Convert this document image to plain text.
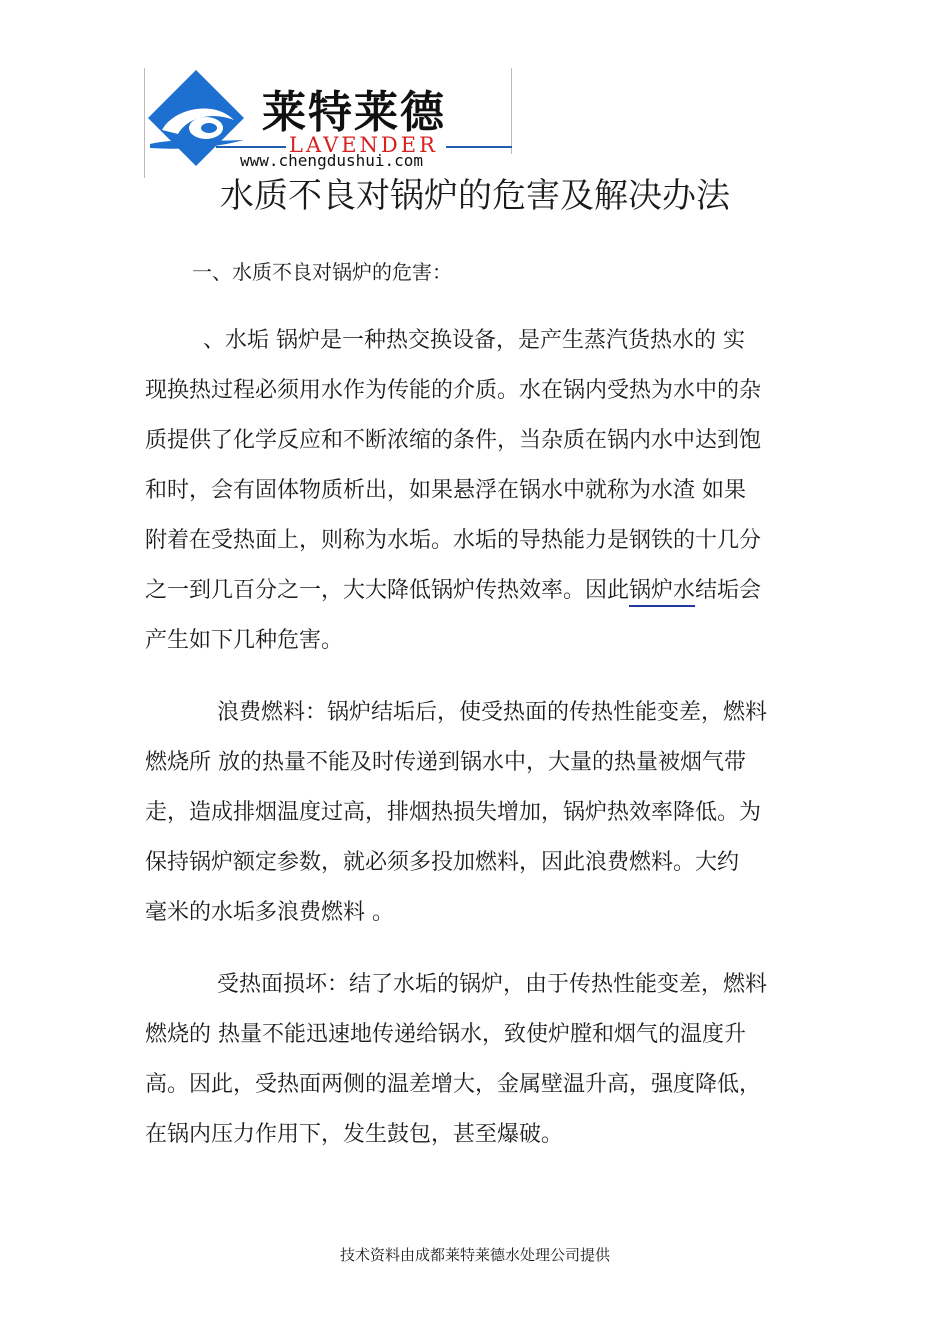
莱特莱德
LAVENDER
www.chengdushui.com
水质不良对锅炉的危害及解决办法
一、水质不良对锅炉的危害：
、水垢 锅炉是一种热交换设备，是产生蒸汽货热水的 实
现换热过程必须用水作为传能的介质。水在锅内受热为水中的杂
质提供了化学反应和不断浓缩的条件，当杂质在锅内水中达到饱
和时，会有固体物质析出，如果悬浮在锅水中就称为水渣 如果
附着在受热面上，则称为水垢。水垢的导热能力是钢铁的十几分
之一到几百分之一，大大降低锅炉传热效率。因此锅炉水结垢会
产生如下几种危害。
浪费燃料：锅炉结垢后，使受热面的传热性能变差，燃料
燃烧所 放的热量不能及时传递到锅水中，大量的热量被烟气带
走，造成排烟温度过高，排烟热损失增加，锅炉热效率降低。为
保持锅炉额定参数，就必须多投加燃料，因此浪费燃料。大约
毫米的水垢多浪费燃料 。
受热面损坏：结了水垢的锅炉，由于传热性能变差，燃料
燃烧的 热量不能迅速地传递给锅水，致使炉膛和烟气的温度升
高。因此，受热面两侧的温差增大，金属壁温升高，强度降低，
在锅内压力作用下，发生鼓包，甚至爆破。
技术资料由成都莱特莱德水处理公司提供
